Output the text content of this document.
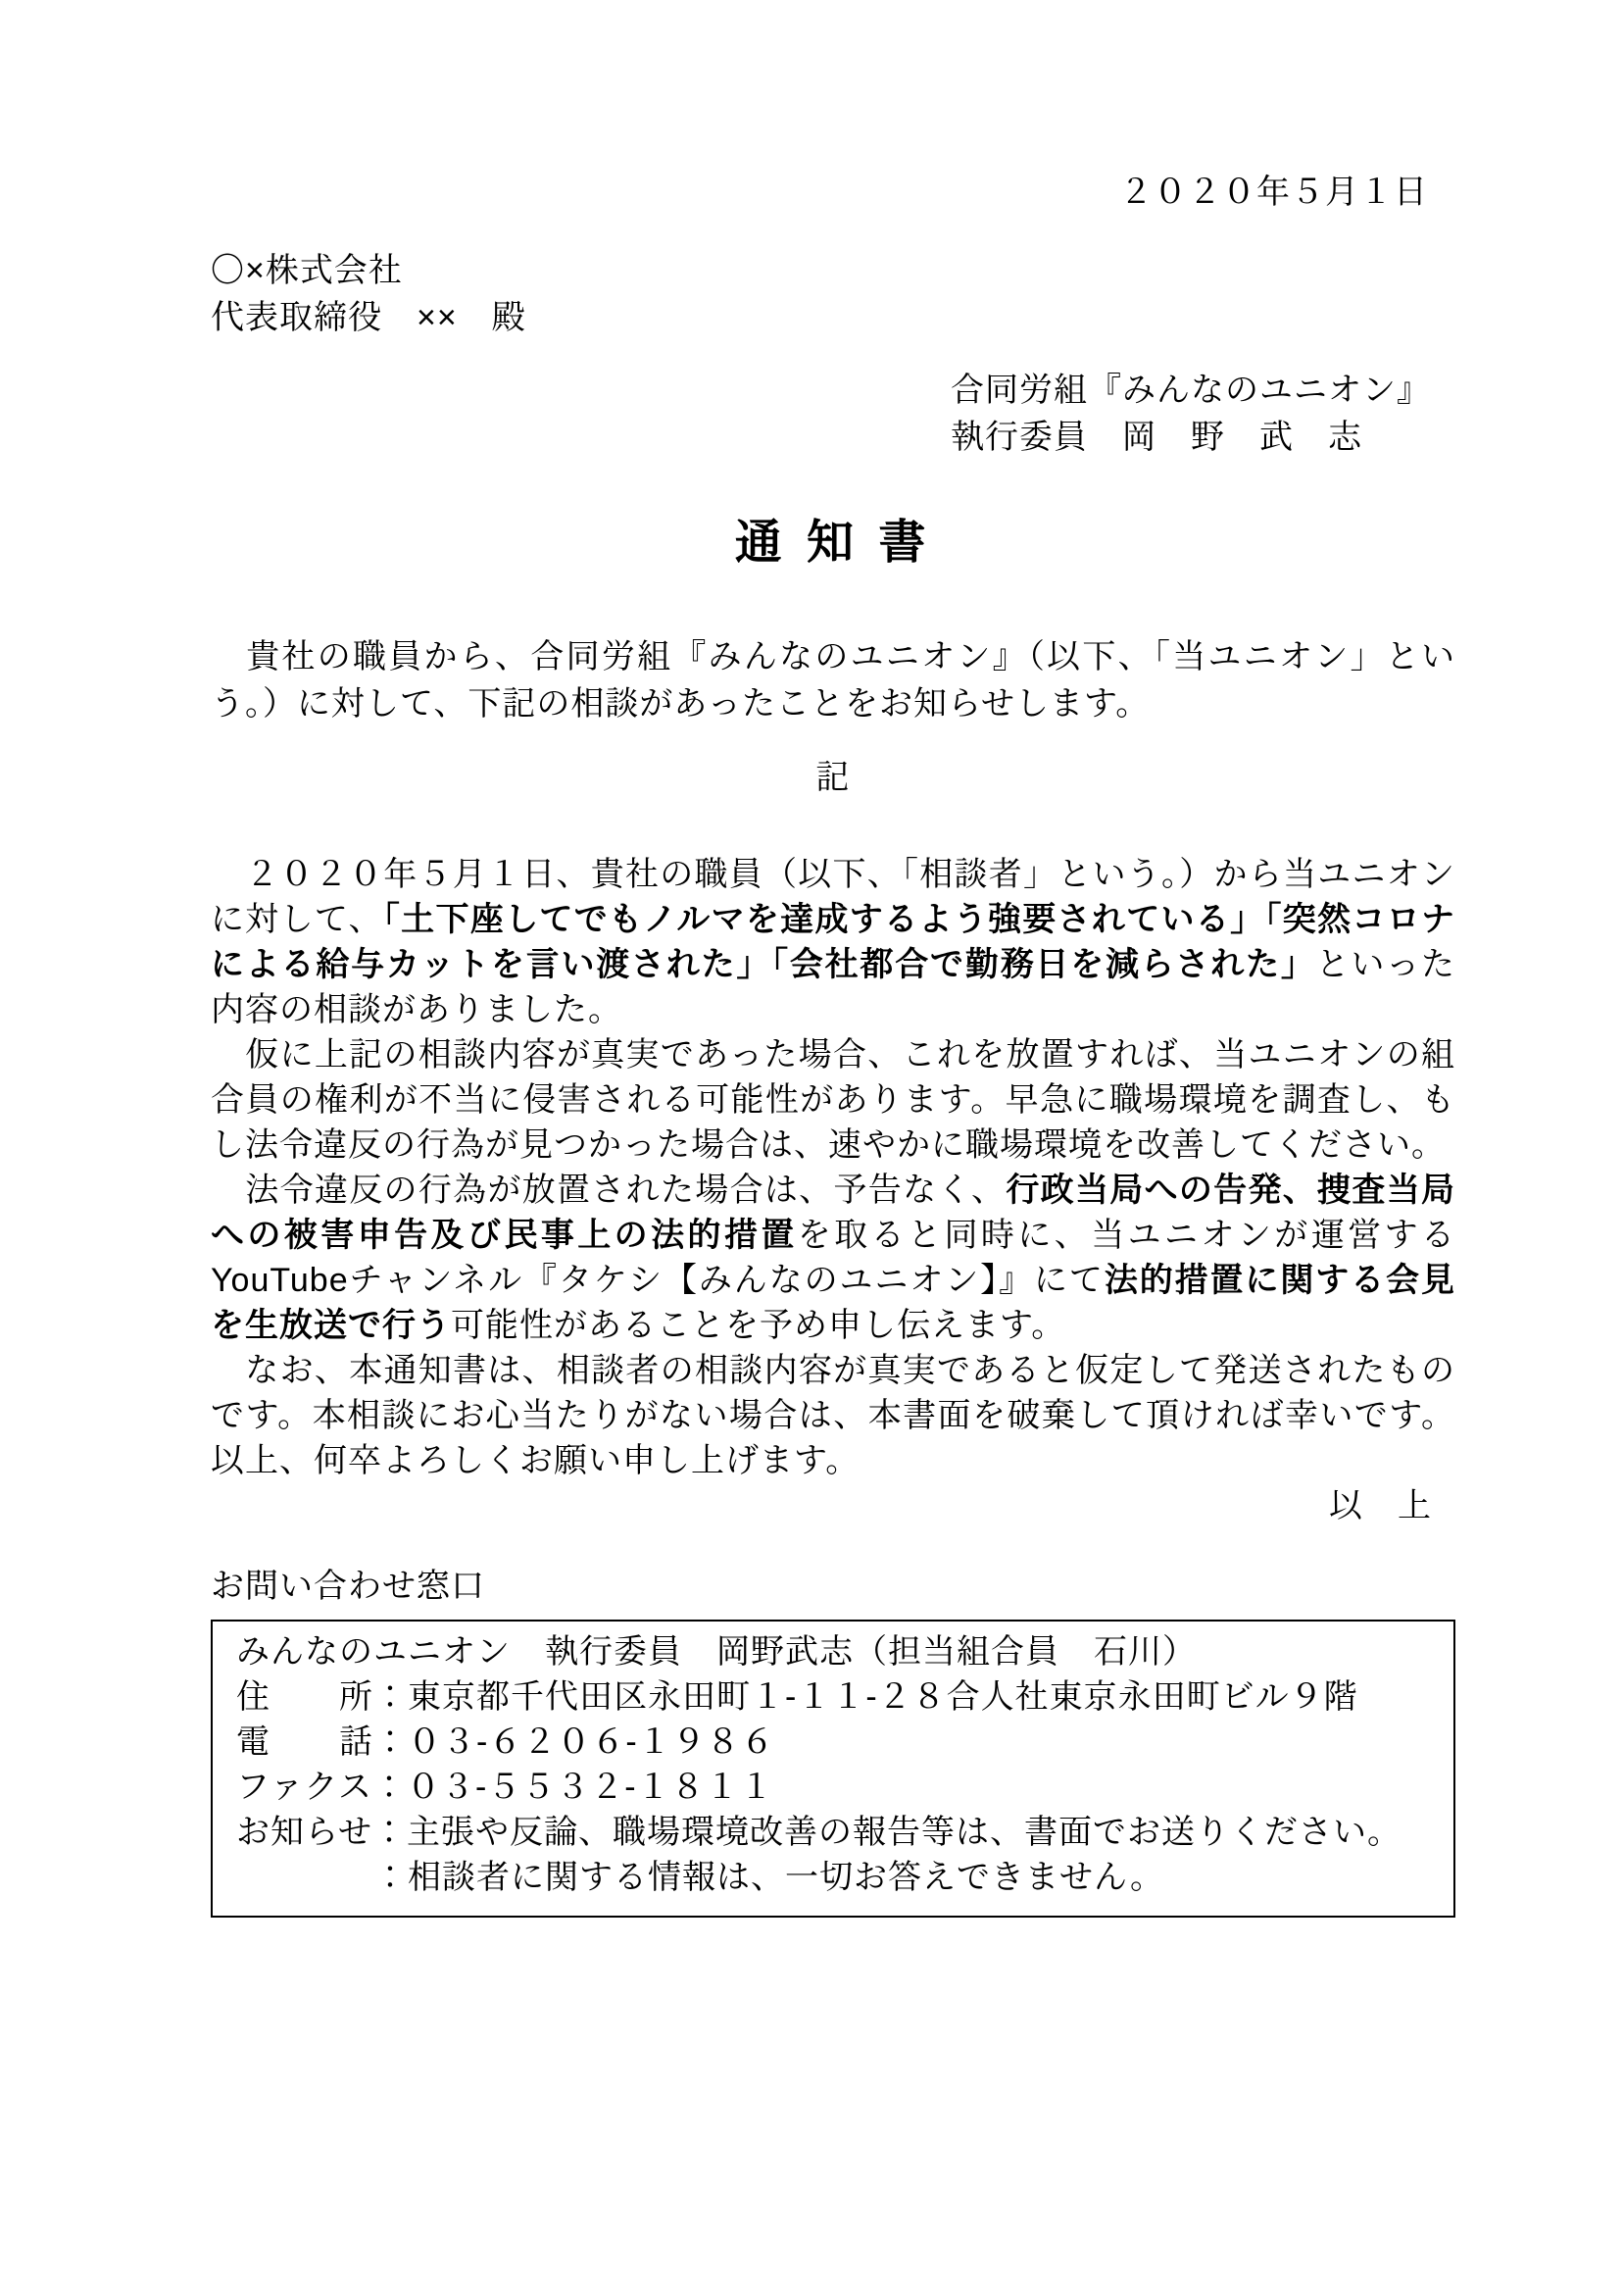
２０２０年５月１日
〇×株式会社
代表取締役　××　殿
合同労組『みんなのユニオン』
執行委員　岡　野　武　志
通 知 書

　貴社の職員から、合同労組『みんなのユニオン』（以下、「当ユニオン」という。）に対して、下記の相談があったことをお知らせします。

記

　２０２０年５月１日、貴社の職員（以下、「相談者」という。）から当ユニオンに対して、「土下座してでもノルマを達成するよう強要されている」「突然コロナによる給与カットを言い渡された」「会社都合で勤務日を減らされた」といった内容の相談がありました。

　仮に上記の相談内容が真実であった場合、これを放置すれば、当ユニオンの組合員の権利が不当に侵害される可能性があります。早急に職場環境を調査し、もし法令違反の行為が見つかった場合は、速やかに職場環境を改善してください。

　法令違反の行為が放置された場合は、予告なく、行政当局への告発、捜査当局への被害申告及び民事上の法的措置を取ると同時に、当ユニオンが運営するYouTubeチャンネル『タケシ【みんなのユニオン】』にて法的措置に関する会見を生放送で行う可能性があることを予め申し伝えます。

　なお、本通知書は、相談者の相談内容が真実であると仮定して発送されたものです。本相談にお心当たりがない場合は、本書面を破棄して頂ければ幸いです。以上、何卒よろしくお願い申し上げます。

以　上
お問い合わせ窓口
みんなのユニオン　執行委員　岡野武志（担当組合員　石川）
住　　所：東京都千代田区永田町１-１１-２８合人社東京永田町ビル９階
電　　話：０３-６２０６-１９８６
ファクス：０３-５５３２-１８１１
お知らせ：主張や反論、職場環境改善の報告等は、書面でお送りください。
　　　　：相談者に関する情報は、一切お答えできません。
